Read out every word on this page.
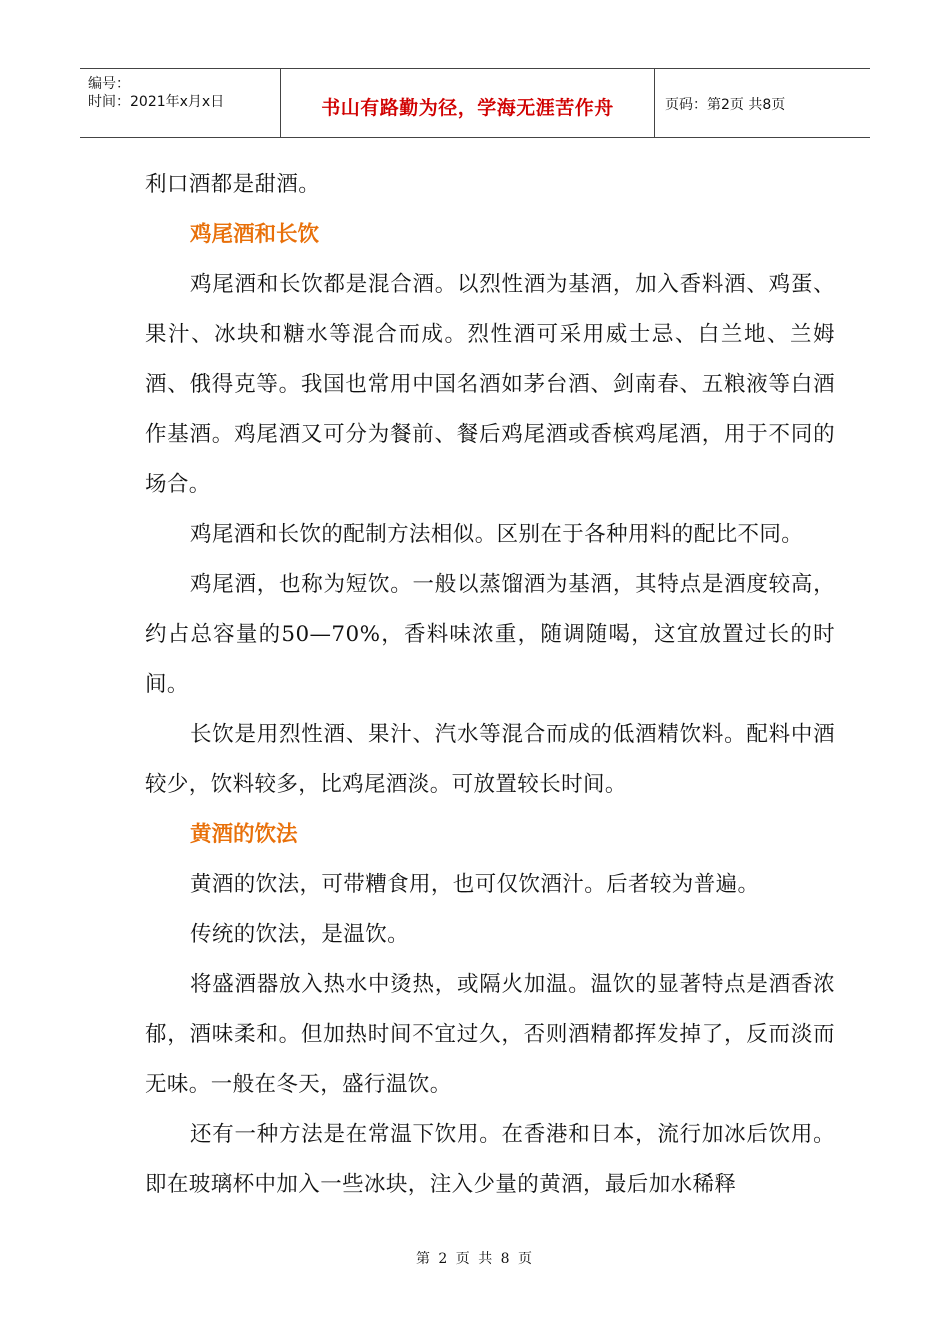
编号：
时间：2021年x月x日	书山有路勤为径，学海无涯苦作舟	页码：第2页 共8页

利口酒都是甜酒。

鸡尾酒和长饮

鸡尾酒和长饮都是混合酒。以烈性酒为基酒，加入香料酒、鸡蛋、果汁、冰块和糖水等混合而成。烈性酒可采用威士忌、白兰地、兰姆酒、俄得克等。我国也常用中国名酒如茅台酒、剑南春、五粮液等白酒作基酒。鸡尾酒又可分为餐前、餐后鸡尾酒或香槟鸡尾酒，用于不同的场合。

鸡尾酒和长饮的配制方法相似。区别在于各种用料的配比不同。

鸡尾酒，也称为短饮。一般以蒸馏酒为基酒，其特点是酒度较高，约占总容量的50—70%，香料味浓重，随调随喝，这宜放置过长的时间。

长饮是用烈性酒、果汁、汽水等混合而成的低酒精饮料。配料中酒较少，饮料较多，比鸡尾酒淡。可放置较长时间。

黄酒的饮法

黄酒的饮法，可带糟食用，也可仅饮酒汁。后者较为普遍。

传统的饮法，是温饮。

将盛酒器放入热水中烫热，或隔火加温。温饮的显著特点是酒香浓郁，酒味柔和。但加热时间不宜过久，否则酒精都挥发掉了，反而淡而无味。一般在冬天，盛行温饮。

还有一种方法是在常温下饮用。在香港和日本，流行加冰后饮用。即在玻璃杯中加入一些冰块，注入少量的黄酒，最后加水稀释

第 2 页 共 8 页
